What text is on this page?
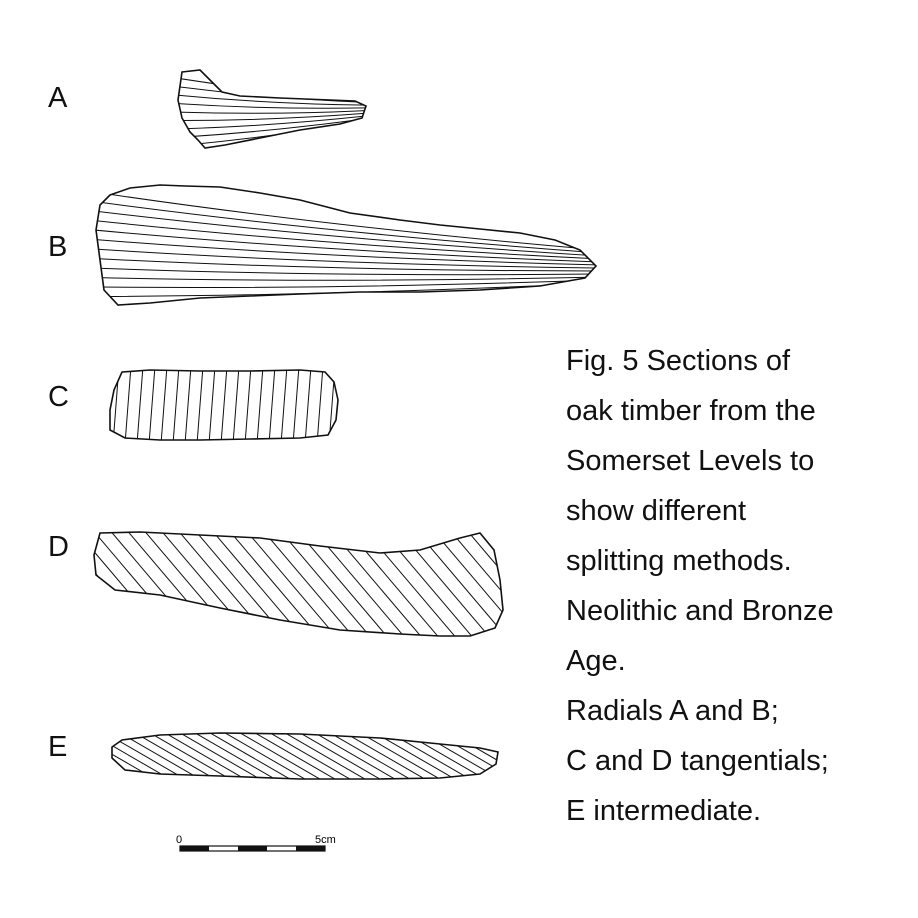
A
B
C
D
E
0	5cm
Fig. 5 Sections of
oak timber from the
Somerset Levels to
show different
splitting methods.
Neolithic and Bronze
Age.
Radials A and B;
C and D tangentials;
E intermediate.
